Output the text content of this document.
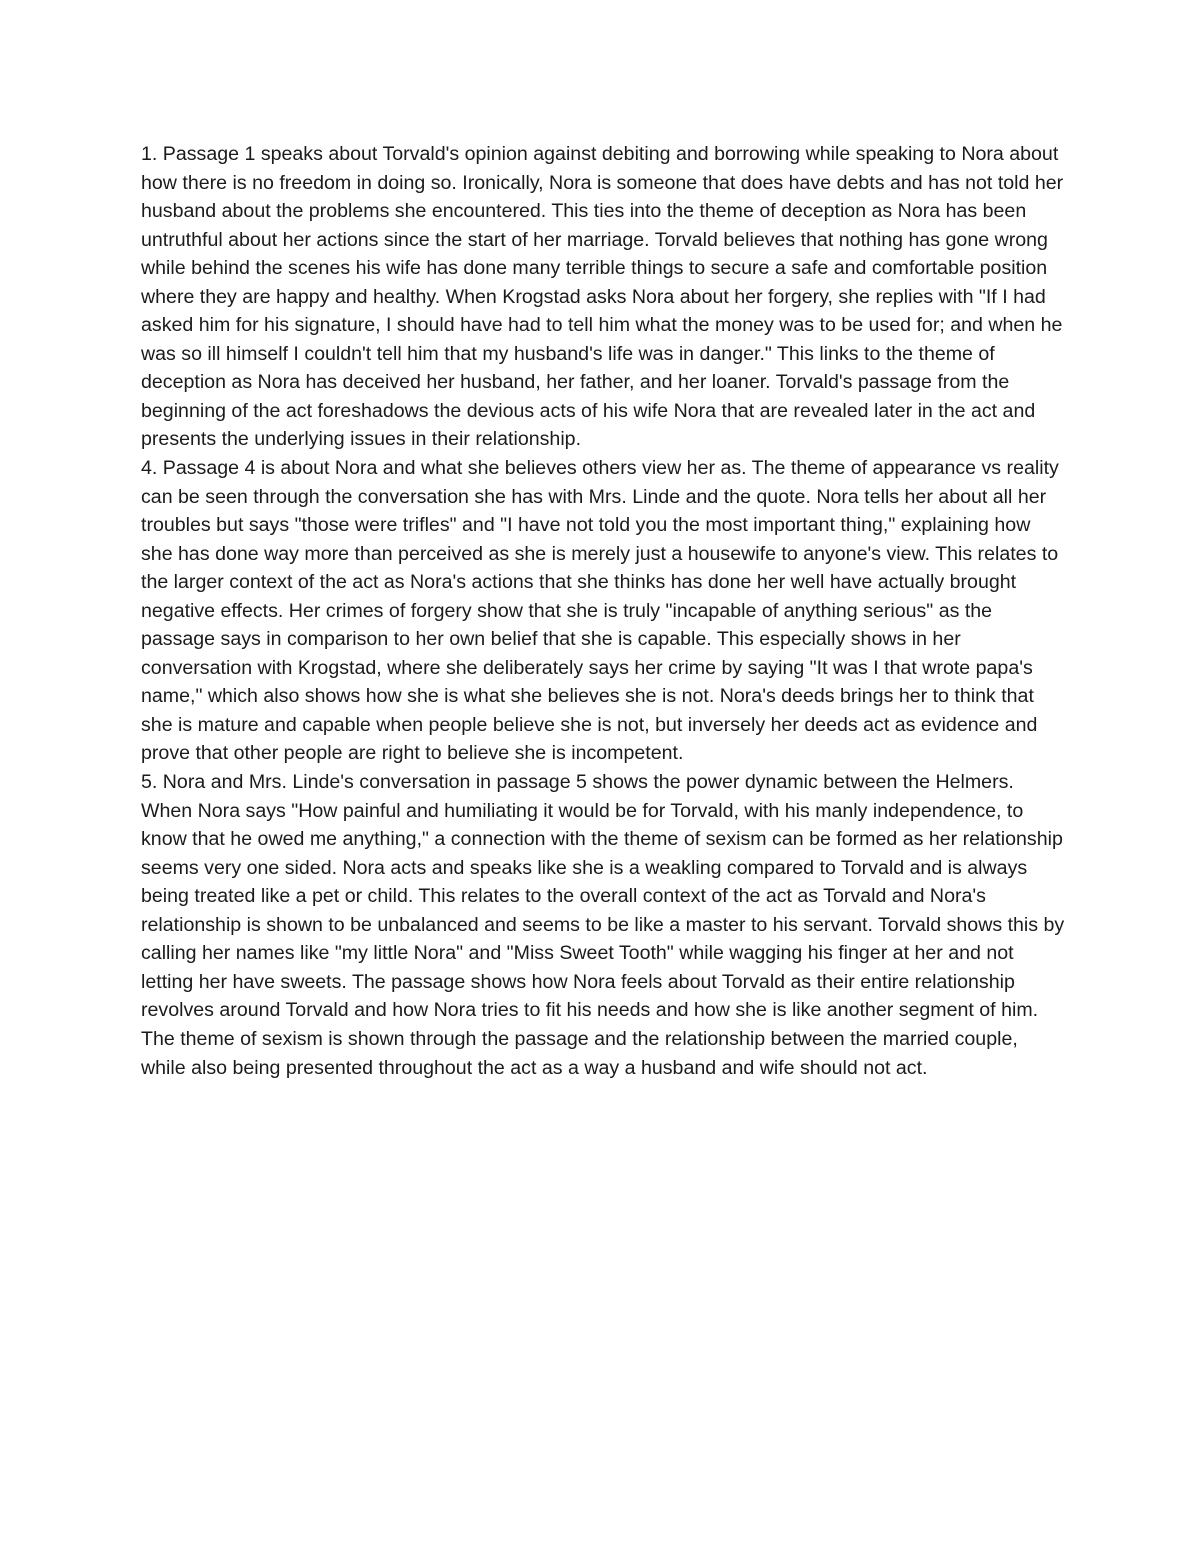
1. Passage 1 speaks about Torvald's opinion against debiting and borrowing while speaking to Nora about how there is no freedom in doing so. Ironically, Nora is someone that does have debts and has not told her husband about the problems she encountered. This ties into the theme of deception as Nora has been untruthful about her actions since the start of her marriage. Torvald believes that nothing has gone wrong while behind the scenes his wife has done many terrible things to secure a safe and comfortable position where they are happy and healthy. When Krogstad asks Nora about her forgery, she replies with "If I had asked him for his signature, I should have had to tell him what the money was to be used for; and when he was so ill himself I couldn't tell him that my husband's life was in danger." This links to the theme of deception as Nora has deceived her husband, her father, and her loaner. Torvald's passage from the beginning of the act foreshadows the devious acts of his wife Nora that are revealed later in the act and presents the underlying issues in their relationship.

4. Passage 4 is about Nora and what she believes others view her as. The theme of appearance vs reality can be seen through the conversation she has with Mrs. Linde and the quote. Nora tells her about all her troubles but says "those were trifles" and "I have not told you the most important thing," explaining how she has done way more than perceived as she is merely just a housewife to anyone's view. This relates to the larger context of the act as Nora's actions that she thinks has done her well have actually brought negative effects. Her crimes of forgery show that she is truly "incapable of anything serious" as the passage says in comparison to her own belief that she is capable. This especially shows in her conversation with Krogstad, where she deliberately says her crime by saying "It was I that wrote papa's name," which also shows how she is what she believes she is not. Nora's deeds brings her to think that she is mature and capable when people believe she is not, but inversely her deeds act as evidence and prove that other people are right to believe she is incompetent.

5. Nora and Mrs. Linde's conversation in passage 5 shows the power dynamic between the Helmers. When Nora says "How painful and humiliating it would be for Torvald, with his manly independence, to know that he owed me anything," a connection with the theme of sexism can be formed as her relationship seems very one sided. Nora acts and speaks like she is a weakling compared to Torvald and is always being treated like a pet or child. This relates to the overall context of the act as Torvald and Nora's relationship is shown to be unbalanced and seems to be like a master to his servant. Torvald shows this by calling her names like "my little Nora" and "Miss Sweet Tooth" while wagging his finger at her and not letting her have sweets. The passage shows how Nora feels about Torvald as their entire relationship revolves around Torvald and how Nora tries to fit his needs and how she is like another segment of him. The theme of sexism is shown through the passage and the relationship between the married couple, while also being presented throughout the act as a way a husband and wife should not act.
